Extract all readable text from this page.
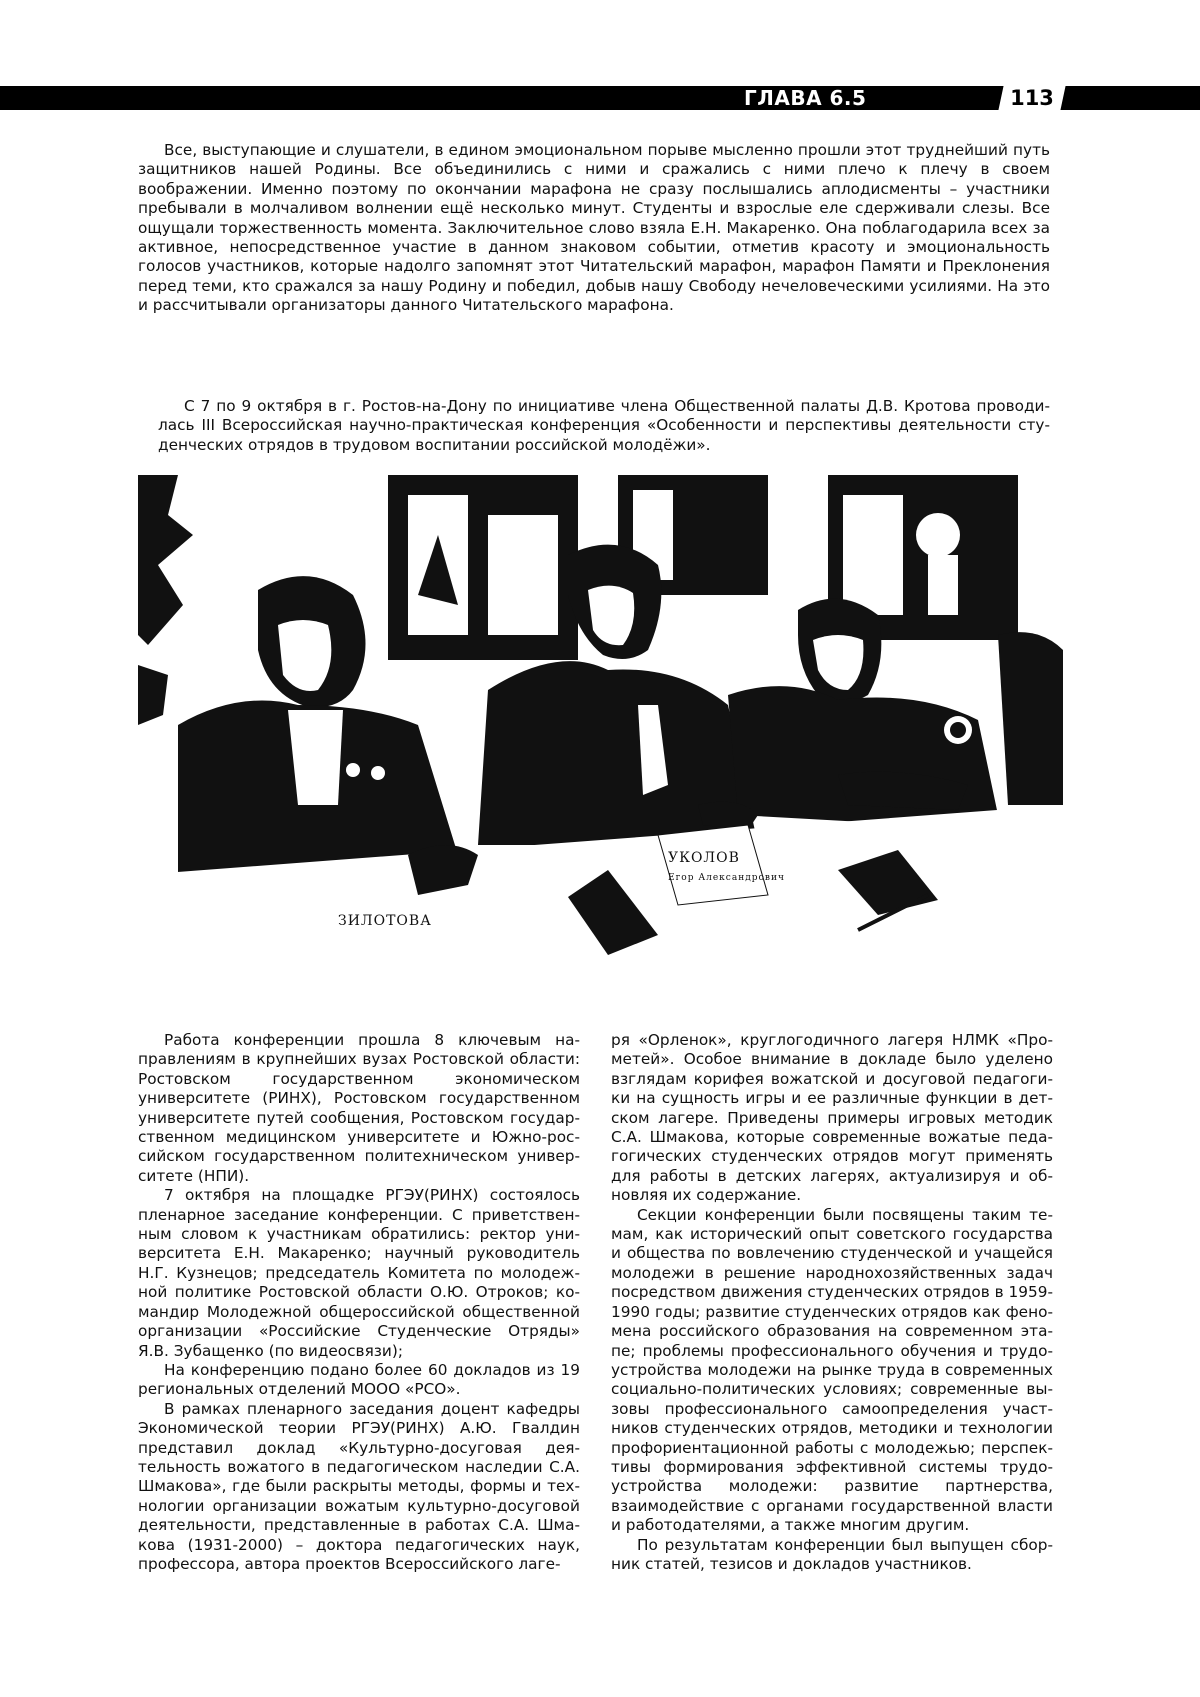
ГЛАВА 6.5	113

Все, выступающие и слушатели, в едином эмоциональном порыве мысленно прошли этот труднейший путь защитников нашей Родины. Все объединились с ними и сражались с ними плечо к плечу в своем воображении. Именно поэтому по окончании марафона не сразу послышались аплодисменты – участники пребывали в молчаливом волнении ещё несколько минут. Студенты и взрослые еле сдерживали слезы. Все ощущали торжественность момента. Заключительное слово взяла Е.Н. Макаренко. Она поблагодарила всех за активное, непосредственное участие в данном знаковом событии, отметив красоту и эмоциональность голосов участников, которые надолго запомнят этот Читательский марафон, марафон Памяти и Преклонения перед теми, кто сражался за нашу Родину и победил, добыв нашу Свободу нечеловеческими усилиями. На это и рассчитывали организаторы данного Читательского марафона.

С 7 по 9 октября в г. Ростов-на-Дону по инициативе члена Общественной палаты Д.В. Кротова проводилась III Всероссийская научно-практическая конференция «Особенности и перспективы деятельности студенческих отрядов в трудовом воспитании российской молодёжи».

УКОЛОВ
Егор Александрович
ЗИЛОТОВА

Работа конференции прошла 8 ключевым направлениям в крупнейших вузах Ростовской области: Ростовском государственном экономическом университете (РИНХ), Ростовском государственном университете путей сообщения, Ростовском государственном медицинском университете и Южно-российском государственном политехническом университете (НПИ).

7 октября на площадке РГЭУ(РИНХ) состоялось пленарное заседание конференции. С приветственным словом к участникам обратились: ректор университета Е.Н. Макаренко; научный руководитель Н.Г. Кузнецов; председатель Комитета по молодежной политике Ростовской области О.Ю. Отроков; командир Молодежной общероссийской общественной организации «Российские Студенческие Отряды» Я.В. Зубащенко (по видеосвязи);

На конференцию подано более 60 докладов из 19 региональных отделений МООО «РСО».

В рамках пленарного заседания доцент кафедры Экономической теории РГЭУ(РИНХ) А.Ю. Гвалдин представил доклад «Культурно-досуговая деятельность вожатого в педагогическом наследии С.А. Шмакова», где были раскрыты методы, формы и технологии организации вожатым культурно-досуговой деятельности, представленные в работах С.А. Шмакова (1931-2000) – доктора педагогических наук, профессора, автора проектов Всероссийского лаге-

ря «Орленок», круглогодичного лагеря НЛМК «Прометей». Особое внимание в докладе было уделено взглядам корифея вожатской и досуговой педагогики на сущность игры и ее различные функции в детском лагере. Приведены примеры игровых методик С.А. Шмакова, которые современные вожатые педагогических студенческих отрядов могут применять для работы в детских лагерях, актуализируя и обновляя их содержание.

Секции конференции были посвящены таким темам, как исторический опыт советского государства и общества по вовлечению студенческой и учащейся молодежи в решение народнохозяйственных задач посредством движения студенческих отрядов в 1959-1990 годы; развитие студенческих отрядов как феномена российского образования на современном этапе; проблемы профессионального обучения и трудоустройства молодежи на рынке труда в современных социально-политических условиях; современные вызовы профессионального самоопределения участников студенческих отрядов, методики и технологии профориентационной работы с молодежью; перспективы формирования эффективной системы трудоустройства молодежи: развитие партнерства, взаимодействие с органами государственной власти и работодателями, а также многим другим.

По результатам конференции был выпущен сборник статей, тезисов и докладов участников.
